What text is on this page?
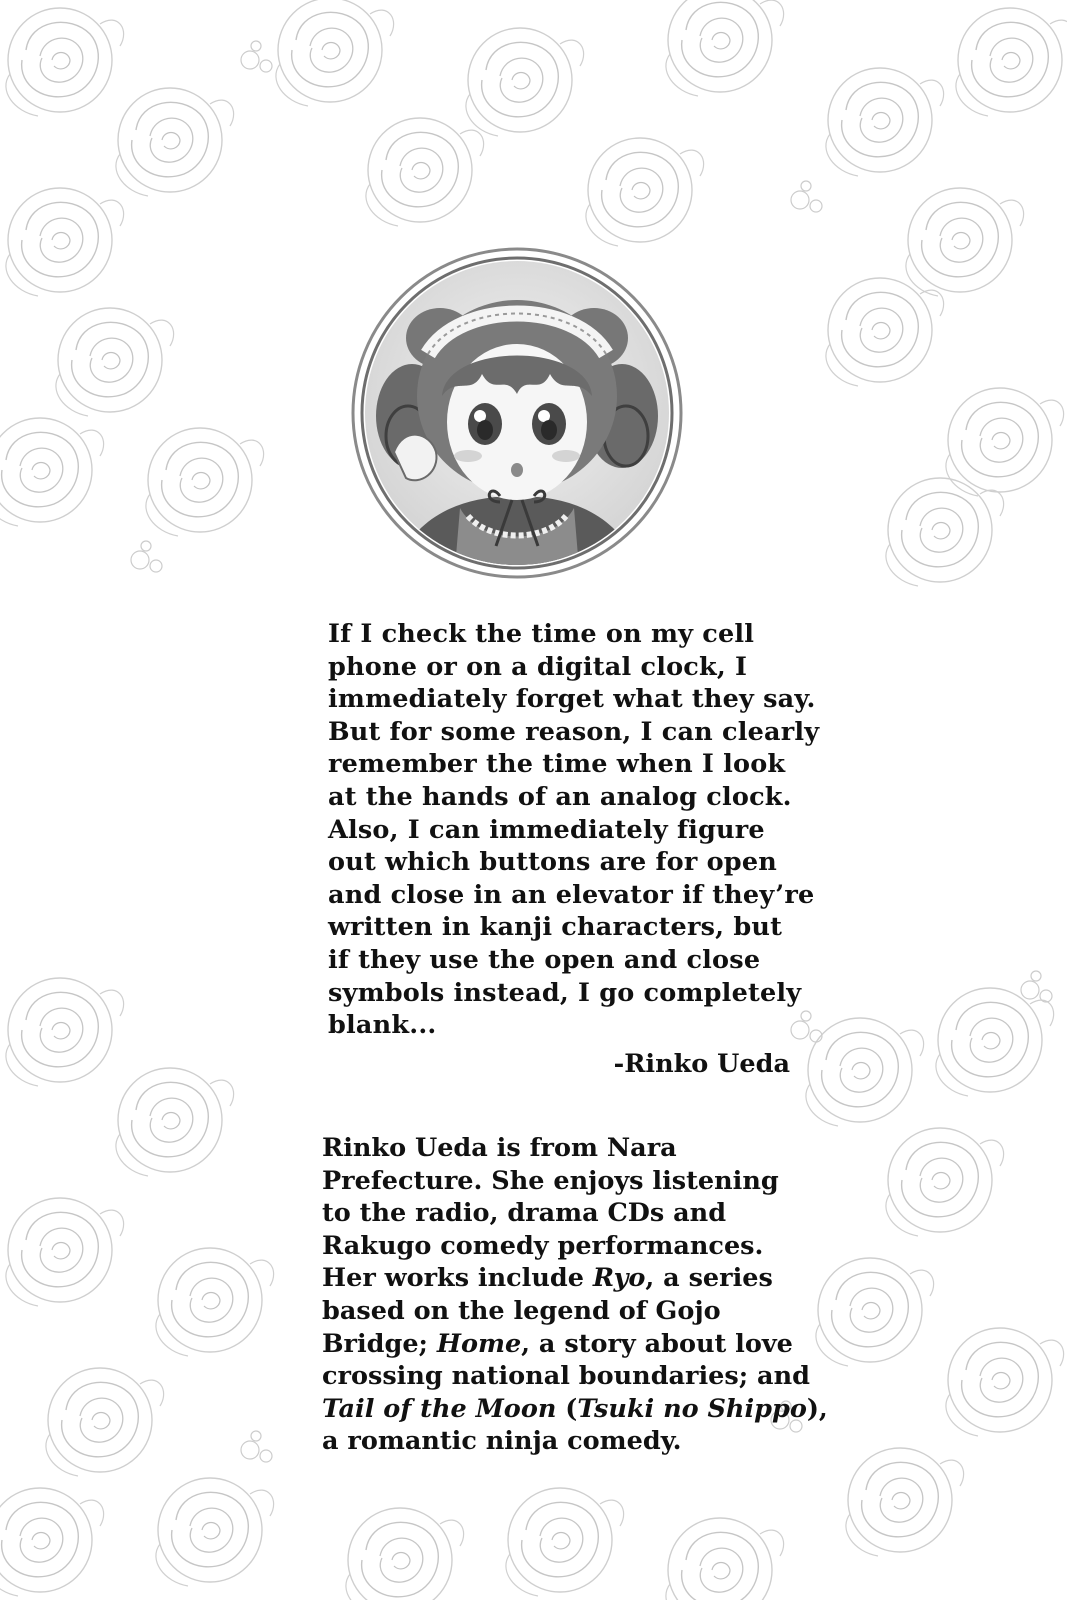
If I check the time on my cell
phone or on a digital clock, I
immediately forget what they say.
But for some reason, I can clearly
remember the time when I look
at the hands of an analog clock.
Also, I can immediately figure
out which buttons are for open
and close in an elevator if they’re
written in kanji characters, but
if they use the open and close
symbols instead, I go completely
blank...

-Rinko Ueda

Rinko Ueda is from Nara
Prefecture. She enjoys listening
to the radio, drama CDs and
Rakugo comedy performances.
Her works include Ryo, a series
based on the legend of Gojo
Bridge; Home, a story about love
crossing national boundaries; and
Tail of the Moon (Tsuki no Shippo),
a romantic ninja comedy.
